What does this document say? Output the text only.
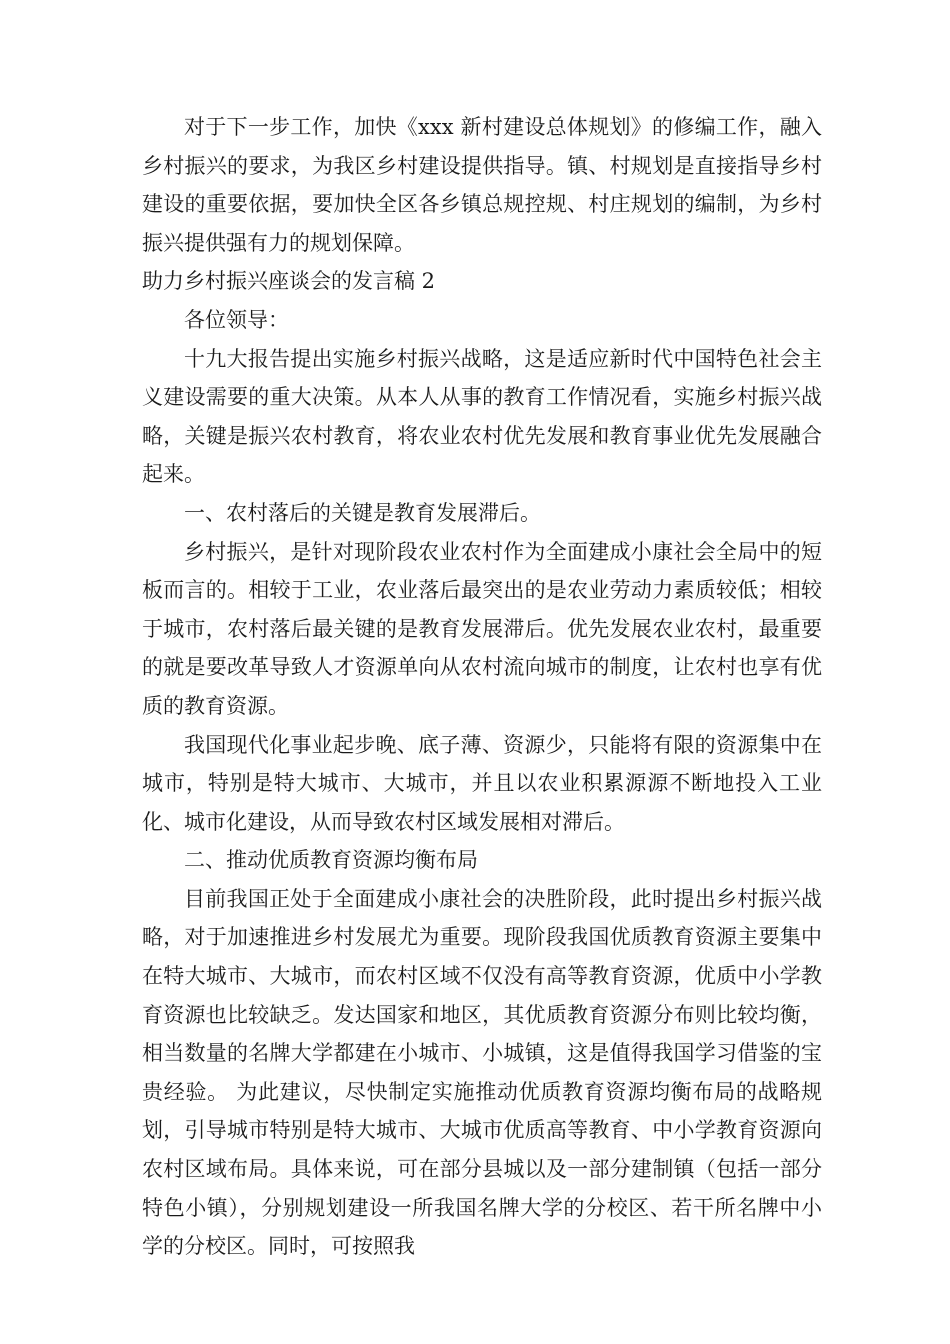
对于下一步工作，加快《xxx 新村建设总体规划》的修编工作，融入乡村振兴的要求，为我区乡村建设提供指导。镇、村规划是直接指导乡村建设的重要依据，要加快全区各乡镇总规控规、村庄规划的编制，为乡村振兴提供强有力的规划保障。

助力乡村振兴座谈会的发言稿 2

各位领导：

十九大报告提出实施乡村振兴战略，这是适应新时代中国特色社会主义建设需要的重大决策。从本人从事的教育工作情况看，实施乡村振兴战略，关键是振兴农村教育，将农业农村优先发展和教育事业优先发展融合起来。

一、农村落后的关键是教育发展滞后。

乡村振兴，是针对现阶段农业农村作为全面建成小康社会全局中的短板而言的。相较于工业，农业落后最突出的是农业劳动力素质较低；相较于城市，农村落后最关键的是教育发展滞后。优先发展农业农村，最重要的就是要改革导致人才资源单向从农村流向城市的制度，让农村也享有优质的教育资源。

我国现代化事业起步晚、底子薄、资源少，只能将有限的资源集中在城市，特别是特大城市、大城市，并且以农业积累源源不断地投入工业化、城市化建设，从而导致农村区域发展相对滞后。

二、推动优质教育资源均衡布局

目前我国正处于全面建成小康社会的决胜阶段，此时提出乡村振兴战略，对于加速推进乡村发展尤为重要。现阶段我国优质教育资源主要集中在特大城市、大城市，而农村区域不仅没有高等教育资源，优质中小学教育资源也比较缺乏。发达国家和地区，其优质教育资源分布则比较均衡，相当数量的名牌大学都建在小城市、小城镇，这是值得我国学习借鉴的宝贵经验。 为此建议，尽快制定实施推动优质教育资源均衡布局的战略规划，引导城市特别是特大城市、大城市优质高等教育、中小学教育资源向农村区域布局。具体来说，可在部分县城以及一部分建制镇（包括一部分特色小镇），分别规划建设一所我国名牌大学的分校区、若干所名牌中小学的分校区。同时，可按照我
